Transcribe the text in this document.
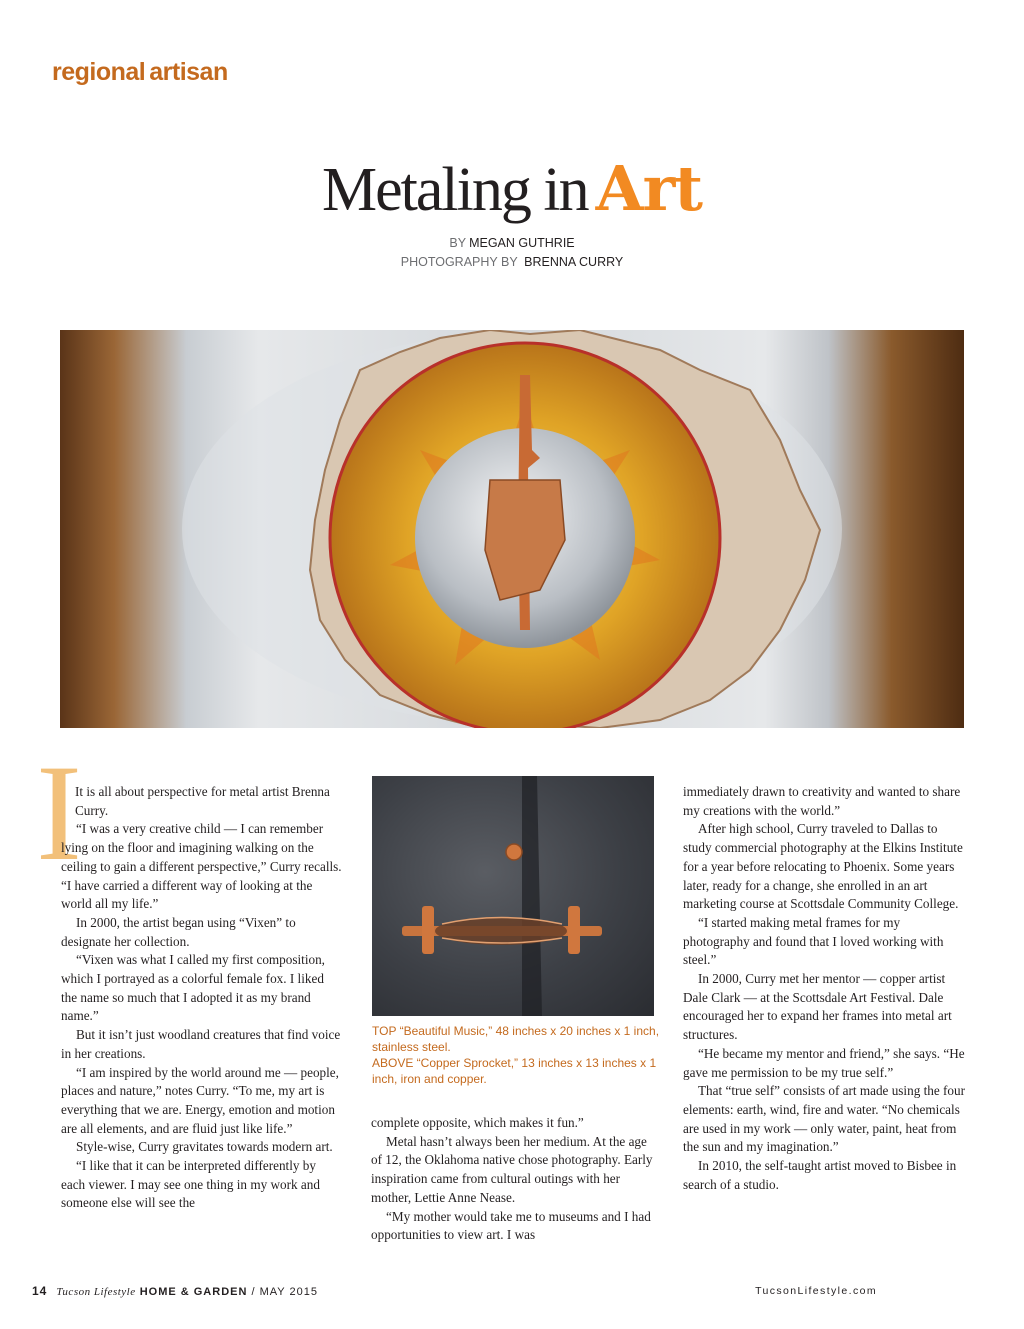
regional artisan
Metaling in Art
BY MEGAN GUTHRIE
PHOTOGRAPHY BY BRENNA CURRY
I

It is all about perspective for metal artist Brenna Curry.

“I was a very creative child — I can remember lying on the floor and imagining walking on the ceiling to gain a different perspective,” Curry recalls. “I have carried a different way of looking at the world all my life.”

In 2000, the artist began using “Vixen” to designate her collection.

“Vixen was what I called my first composition, which I portrayed as a colorful female fox. I liked the name so much that I adopted it as my brand name.”

But it isn’t just woodland creatures that find voice in her creations.

“I am inspired by the world around me — people, places and nature,” notes Curry. “To me, my art is everything that we are. Energy, emotion and motion are all elements, and are fluid just like life.”

Style-wise, Curry gravitates towards modern art.

“I like that it can be interpreted differently by each viewer. I may see one thing in my work and someone else will see the

TOP “Beautiful Music,” 48 inches x 20 inches x 1 inch, stainless steel.
ABOVE “Copper Sprocket,” 13 inches x 13 inches x 1 inch, iron and copper.

complete opposite, which makes it fun.”

Metal hasn’t always been her medium. At the age of 12, the Oklahoma native chose photography. Early inspiration came from cultural outings with her mother, Lettie Anne Nease.

“My mother would take me to museums and I had opportunities to view art. I was

immediately drawn to creativity and wanted to share my creations with the world.”

After high school, Curry traveled to Dallas to study commercial photography at the Elkins Institute for a year before relocating to Phoenix. Some years later, ready for a change, she enrolled in an art marketing course at Scottsdale Community College.

“I started making metal frames for my photography and found that I loved working with steel.”

In 2000, Curry met her mentor — copper artist Dale Clark — at the Scottsdale Art Festival. Dale encouraged her to expand her frames into metal art structures.

“He became my mentor and friend,” she says. “He gave me permission to be my true self.”

That “true self” consists of art made using the four elements: earth, wind, fire and water. “No chemicals are used in my work — only water, paint, heat from the sun and my imagination.”

In 2010, the self-taught artist moved to Bisbee in search of a studio.

14 Tucson Lifestyle HOME & GARDEN / MAY 2015	TucsonLifestyle.com
